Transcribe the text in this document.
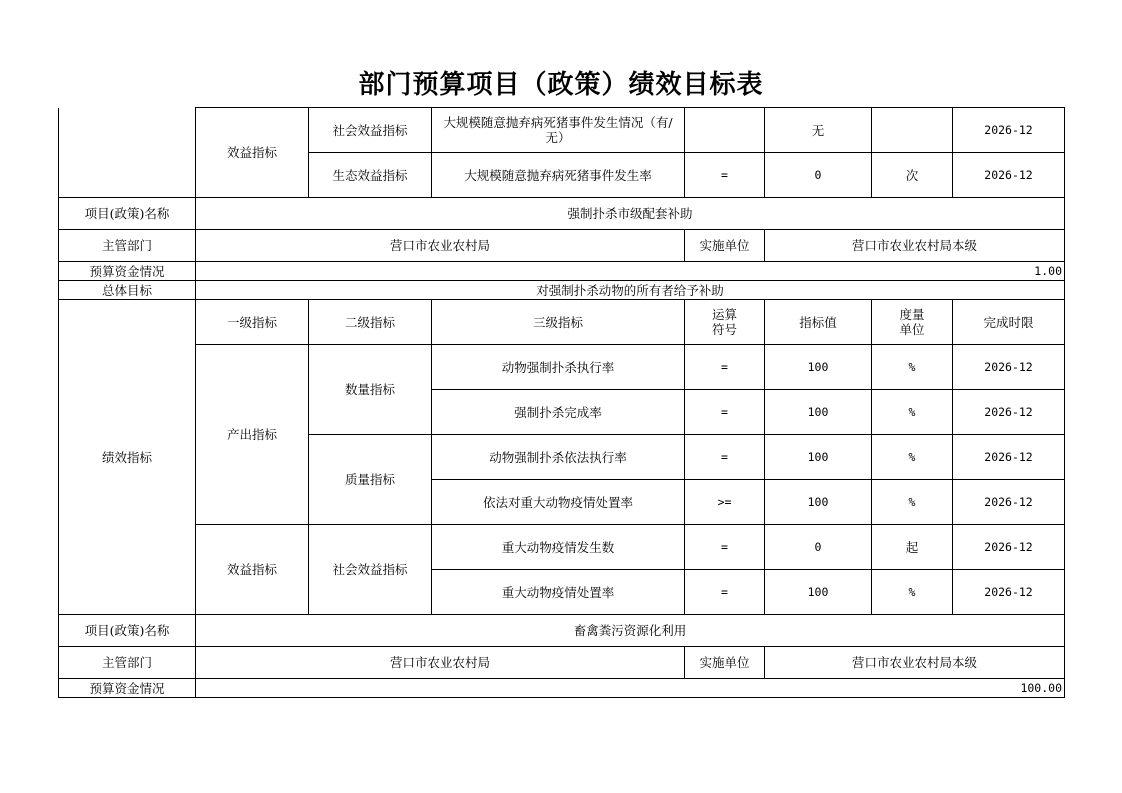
部门预算项目（政策）绩效目标表
	效益指标	社会效益指标	大规模随意抛弃病死猪事件发生情况（有/无）		无		2026-12
		生态效益指标	大规模随意抛弃病死猪事件发生率	=	0	次	2026-12
项目(政策)名称	强制扑杀市级配套补助						
主管部门	营口市农业农村局			实施单位	营口市农业农村局本级		
预算资金情况	1.00						
总体目标	对强制扑杀动物的所有者给予补助						
绩效指标	一级指标	二级指标	三级指标	运算符号	指标值	度量单位	完成时限
	产出指标	数量指标	动物强制扑杀执行率	=	100	%	2026-12
			强制扑杀完成率	=	100	%	2026-12
		质量指标	动物强制扑杀依法执行率	=	100	%	2026-12
			依法对重大动物疫情处置率	>=	100	%	2026-12
	效益指标	社会效益指标	重大动物疫情发生数	=	0	起	2026-12
			重大动物疫情处置率	=	100	%	2026-12
项目(政策)名称	畜禽粪污资源化利用						
主管部门	营口市农业农村局			实施单位	营口市农业农村局本级		
预算资金情况	100.00						
